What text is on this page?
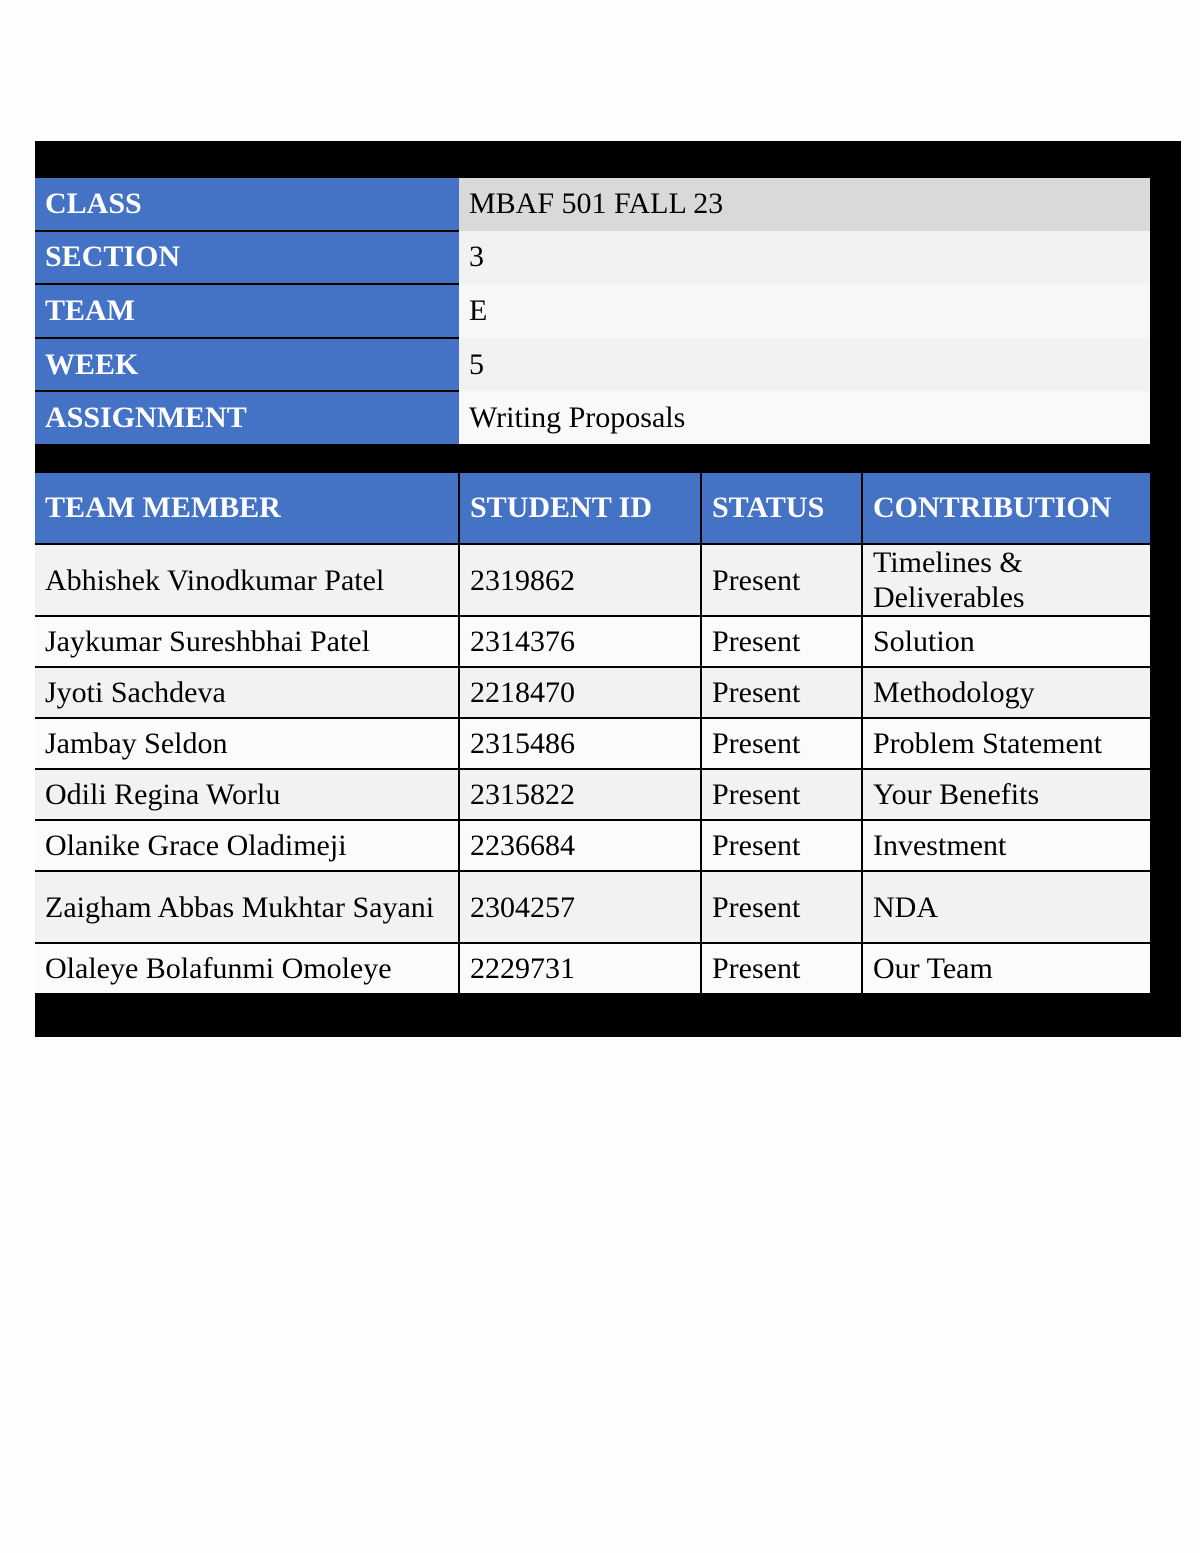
CLASS	MBAF 501 FALL 23
SECTION	3
TEAM	E
WEEK	5
ASSIGNMENT	Writing Proposals
TEAM MEMBER	STUDENT ID	STATUS	CONTRIBUTION
Abhishek Vinodkumar Patel	2319862	Present	Timelines & Deliverables
Jaykumar Sureshbhai Patel	2314376	Present	Solution
Jyoti Sachdeva	2218470	Present	Methodology
Jambay Seldon	2315486	Present	Problem Statement
Odili Regina Worlu	2315822	Present	Your Benefits
Olanike Grace Oladimeji	2236684	Present	Investment
Zaigham Abbas Mukhtar Sayani	2304257	Present	NDA
Olaleye Bolafunmi Omoleye	2229731	Present	Our Team
